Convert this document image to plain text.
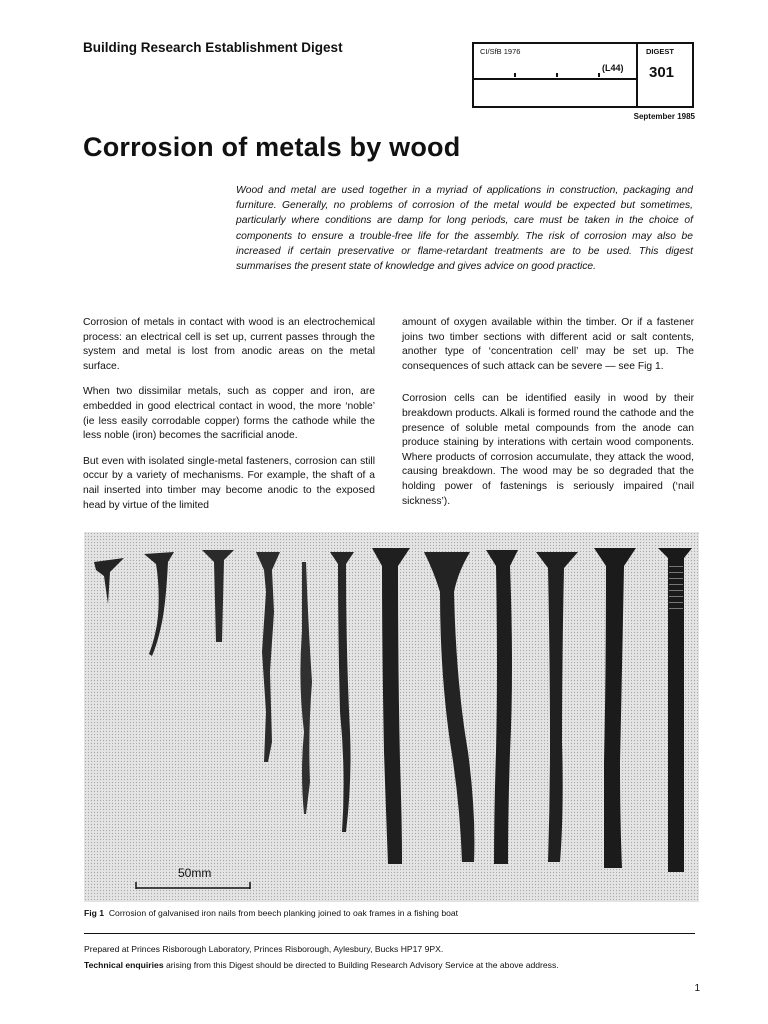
Building Research Establishment Digest	CI/SfB 1976
(L44)
DIGEST
301
September 1985
Corrosion of metals by wood
Wood and metal are used together in a myriad of applications in construction, packaging and furniture. Generally, no problems of corrosion of the metal would be expected but sometimes, particularly where conditions are damp for long periods, care must be taken in the choice of components to ensure a trouble-free life for the assembly. The risk of corrosion may also be increased if certain preservative or flame-retardant treatments are to be used. This digest summarises the present state of knowledge and gives advice on good practice.

Corrosion of metals in contact with wood is an electrochemical process: an electrical cell is set up, current passes through the system and metal is lost from anodic areas on the metal surface.

When two dissimilar metals, such as copper and iron, are embedded in good electrical contact in wood, the more ‘noble’ (ie less easily corrodable copper) forms the cathode while the less noble (iron) becomes the sacrificial anode.

But even with isolated single-metal fasteners, corrosion can still occur by a variety of mechanisms. For example, the shaft of a nail inserted into timber may become anodic to the exposed head by virtue of the limited

amount of oxygen available within the timber. Or if a fastener joins two timber sections with different acid or salt contents, another type of ‘concentration cell’ may be set up. The consequences of such attack can be severe — see Fig 1.

Corrosion cells can be identified easily in wood by their breakdown products. Alkali is formed round the cathode and the presence of soluble metal compounds from the anode can produce staining by interations with certain wood components. Where products of corrosion accumulate, they attack the wood, causing breakdown. The wood may be so degraded that the holding power of fastenings is seriously impaired (‘nail sickness’).

50mm
Fig 1 Corrosion of galvanised iron nails from beech planking joined to oak frames in a fishing boat
Prepared at Princes Risborough Laboratory, Princes Risborough, Aylesbury, Bucks HP17 9PX.
Technical enquiries arising from this Digest should be directed to Building Research Advisory Service at the above address.
1
